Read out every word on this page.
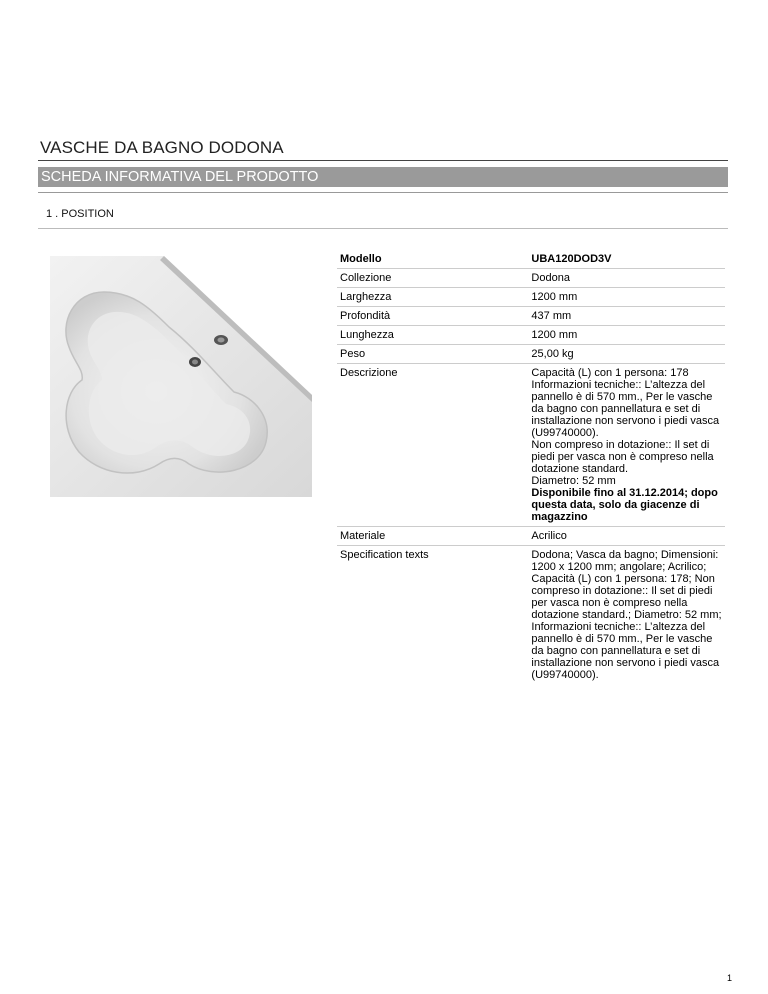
VASCHE DA BAGNO DODONA
SCHEDA INFORMATIVA DEL PRODOTTO
1 . POSITION
Modello	UBA120DOD3V
Collezione	Dodona
Larghezza	1200 mm
Profondità	437 mm
Lunghezza	1200 mm
Peso	25,00 kg
Descrizione	Capacità (L) con 1 persona: 178
Informazioni tecniche:: L’altezza del pannello è di 570 mm., Per le vasche da bagno con pannellatura e set di installazione non servono i piedi vasca (U99740000).
Non compreso in dotazione:: Il set di piedi per vasca non è compreso nella dotazione standard.
Diametro: 52 mm
Disponibile fino al 31.12.2014; dopo questa data, solo da giacenze di magazzino

Materiale	Acrilico
Specification texts	Dodona; Vasca da bagno; Dimensioni: 1200 x 1200 mm; angolare; Acrilico; Capacità (L) con 1 persona: 178; Non compreso in dotazione:: Il set di piedi per vasca non è compreso nella dotazione standard.; Diametro: 52 mm; Informazioni tecniche:: L’altezza del pannello è di 570 mm., Per le vasche da bagno con pannellatura e set di installazione non servono i piedi vasca (U99740000).
1
